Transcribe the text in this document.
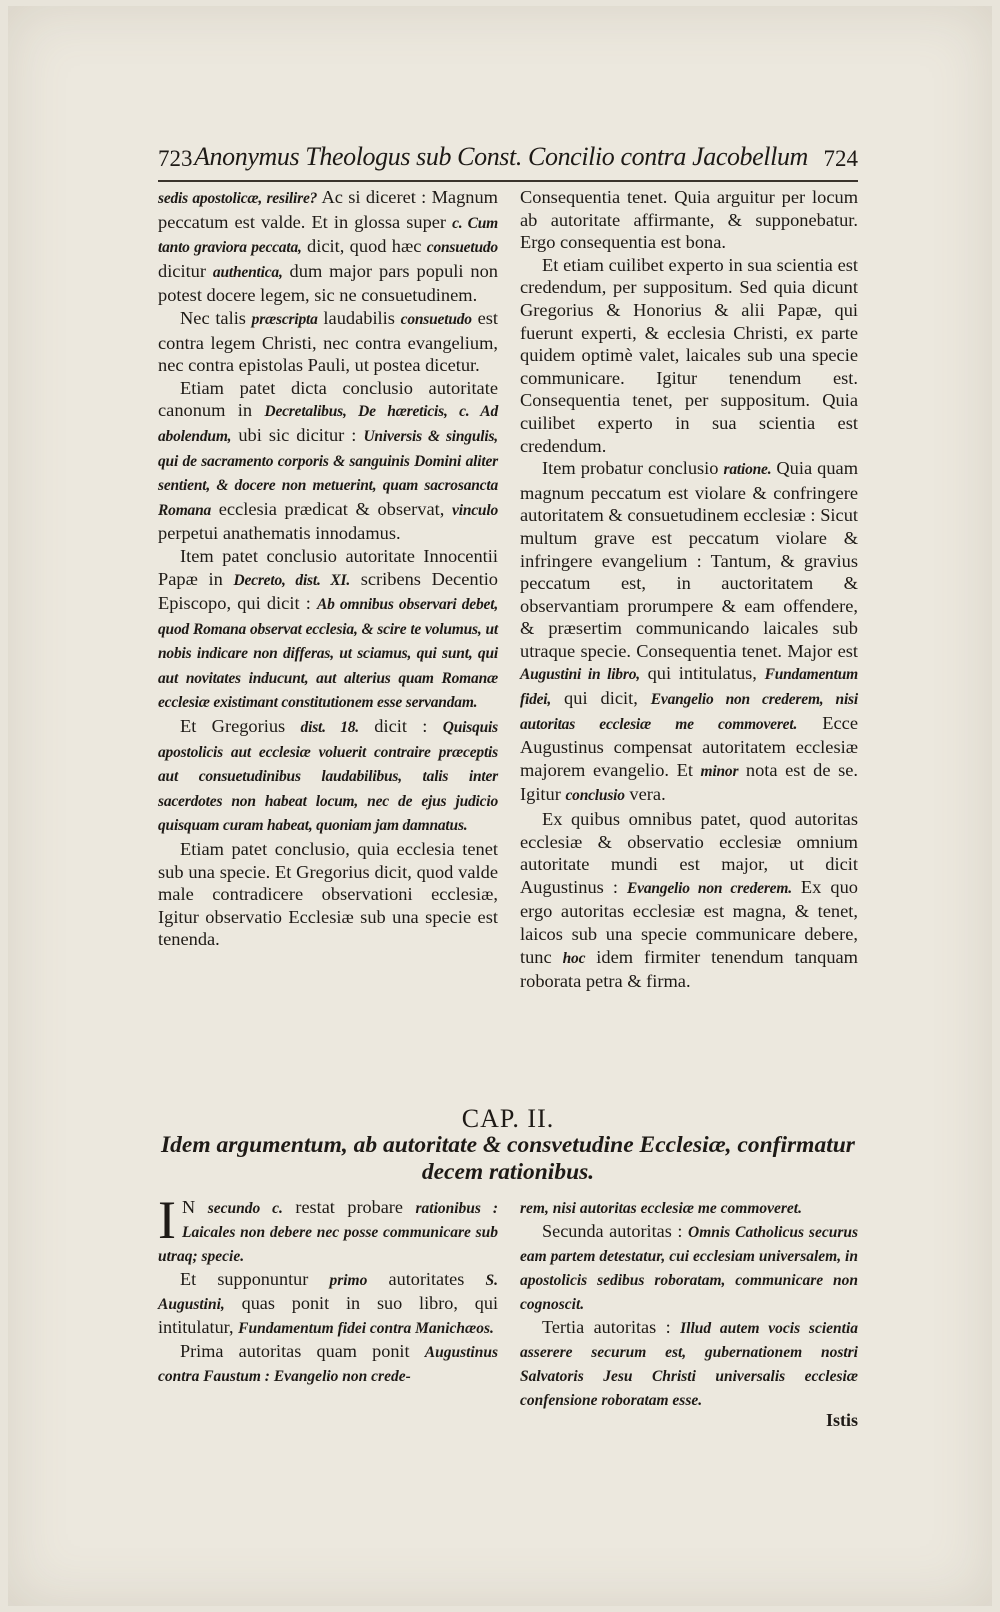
723 Anonymus Theologus sub Const. Concilio contra Jacobellum 724

sedis apostolicæ, resilire? Ac si diceret : Magnum peccatum est valde. Et in glossa super c. Cum tanto graviora peccata, dicit, quod hæc consuetudo dicitur authentica, dum major pars populi non potest docere legem, sic ne consuetudinem.

Nec talis præscripta laudabilis consuetudo est contra legem Christi, nec contra evangelium, nec contra epistolas Pauli, ut postea dicetur.

Etiam patet dicta conclusio autoritate canonum in Decretalibus, De hæreticis, c. Ad abolendum, ubi sic dicitur : Universis & singulis, qui de sacramento corporis & sanguinis Domini aliter sentient, & docere non metuerint, quam sacrosancta Romana ecclesia prædicat & observat, vinculo perpetui anathematis innodamus.

Item patet conclusio autoritate Innocentii Papæ in Decreto, dist. XI. scribens Decentio Episcopo, qui dicit : Ab omnibus observari debet, quod Romana observat ecclesia, & scire te volumus, ut nobis indicare non differas, ut sciamus, qui sunt, qui aut novitates inducunt, aut alterius quam Romanæ ecclesiæ existimant constitutionem esse servandam.

Et Gregorius dist. 18. dicit : Quisquis apostolicis aut ecclesiæ voluerit contraire præceptis aut consuetudinibus laudabilibus, talis inter sacerdotes non habeat locum, nec de ejus judicio quisquam curam habeat, quoniam jam damnatus.

Etiam patet conclusio, quia ecclesia tenet sub una specie. Et Gregorius dicit, quod valde male contradicere observationi ecclesiæ, Igitur observatio Ecclesiæ sub una specie est tenenda.

Consequentia tenet. Quia arguitur per locum ab autoritate affirmante, & supponebatur. Ergo consequentia est bona.

Et etiam cuilibet experto in sua scientia est credendum, per suppositum. Sed quia dicunt Gregorius & Honorius & alii Papæ, qui fuerunt experti, & ecclesia Christi, ex parte quidem optimè valet, laicales sub una specie communicare. Igitur tenendum est. Consequentia tenet, per suppositum. Quia cuilibet experto in sua scientia est credendum.

Item probatur conclusio ratione. Quia quam magnum peccatum est violare & confringere autoritatem & consuetudinem ecclesiæ : Sicut multum grave est peccatum violare & infringere evangelium : Tantum, & gravius peccatum est, in auctoritatem & observantiam prorumpere & eam offendere, & præsertim communicando laicales sub utraque specie. Consequentia tenet. Major est Augustini in libro, qui intitulatus, Fundamentum fidei, qui dicit, Evangelio non crederem, nisi autoritas ecclesiæ me commoveret. Ecce Augustinus compensat autoritatem ecclesiæ majorem evangelio. Et minor nota est de se. Igitur conclusio vera.

Ex quibus omnibus patet, quod autoritas ecclesiæ & observatio ecclesiæ omnium autoritate mundi est major, ut dicit Augustinus : Evangelio non crederem. Ex quo ergo autoritas ecclesiæ est magna, & tenet, laicos sub una specie communicare debere, tunc hoc idem firmiter tenendum tanquam roborata petra & firma.

CAP. II.
Idem argumentum, ab autoritate & consvetudine Ecclesiæ, confirmatur decem rationibus.

I N secundo c. restat probare rationibus : Laicales non debere nec posse communicare sub utraq; specie.

Et supponuntur primo autoritates S. Augustini, quas ponit in suo libro, qui intitulatur, Fundamentum fidei contra Manichæos.

Prima autoritas quam ponit Augustinus contra Faustum : Evangelio non crede-

rem, nisi autoritas ecclesiæ me commoveret.

Secunda autoritas : Omnis Catholicus securus eam partem detestatur, cui ecclesiam universalem, in apostolicis sedibus roboratam, communicare non cognoscit.

Tertia autoritas : Illud autem vocis scientia asserere securum est, gubernationem nostri Salvatoris Jesu Christi universalis ecclesiæ confensione roboratam esse.

Istis
